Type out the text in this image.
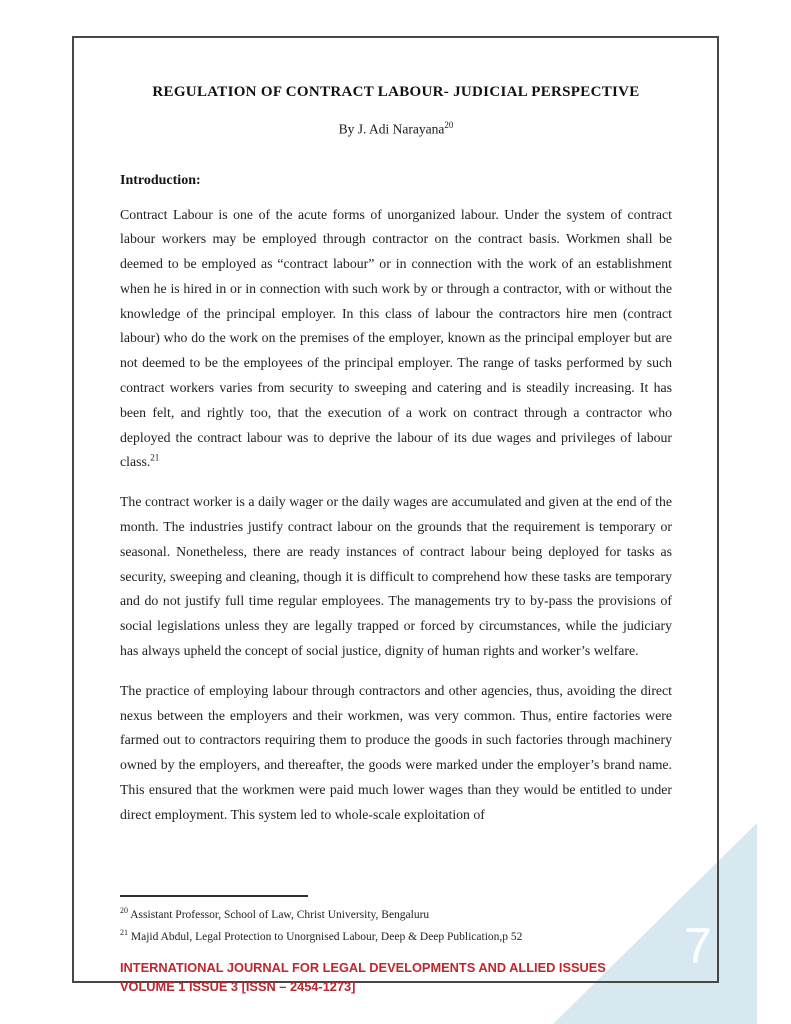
7
REGULATION OF CONTRACT LABOUR- JUDICIAL PERSPECTIVE
By J. Adi Narayana$^{20}$
Introduction:

Contract Labour is one of the acute forms of unorganized labour. Under the system of contract labour workers may be employed through contractor on the contract basis. Workmen shall be deemed to be employed as “contract labour” or in connection with the work of an establishment when he is hired in or in connection with such work by or through a contractor, with or without the knowledge of the principal employer. In this class of labour the contractors hire men (contract labour) who do the work on the premises of the employer, known as the principal employer but are not deemed to be the employees of the principal employer. The range of tasks performed by such contract workers varies from security to sweeping and catering and is steadily increasing. It has been felt, and rightly too, that the execution of a work on contract through a contractor who deployed the contract labour was to deprive the labour of its due wages and privileges of labour class.$^{21}$

The contract worker is a daily wager or the daily wages are accumulated and given at the end of the month. The industries justify contract labour on the grounds that the requirement is temporary or seasonal. Nonetheless, there are ready instances of contract labour being deployed for tasks as security, sweeping and cleaning, though it is difficult to comprehend how these tasks are temporary and do not justify full time regular employees. The managements try to by-pass the provisions of social legislations unless they are legally trapped or forced by circumstances, while the judiciary has always upheld the concept of social justice, dignity of human rights and worker’s welfare.

The practice of employing labour through contractors and other agencies, thus, avoiding the direct nexus between the employers and their workmen, was very common. Thus, entire factories were farmed out to contractors requiring them to produce the goods in such factories through machinery owned by the employers, and thereafter, the goods were marked under the employer’s brand name. This ensured that the workmen were paid much lower wages than they would be entitled to under direct employment. This system led to whole-scale exploitation of

$^{20}$ Assistant Professor, School of Law, Christ University, Bengaluru
$^{21}$ Majid Abdul, Legal Protection to Unorgnised Labour, Deep & Deep Publication,p 52
INTERNATIONAL JOURNAL FOR LEGAL DEVELOPMENTS AND ALLIED ISSUES
VOLUME 1 ISSUE 3 [ISSN – 2454-1273]
